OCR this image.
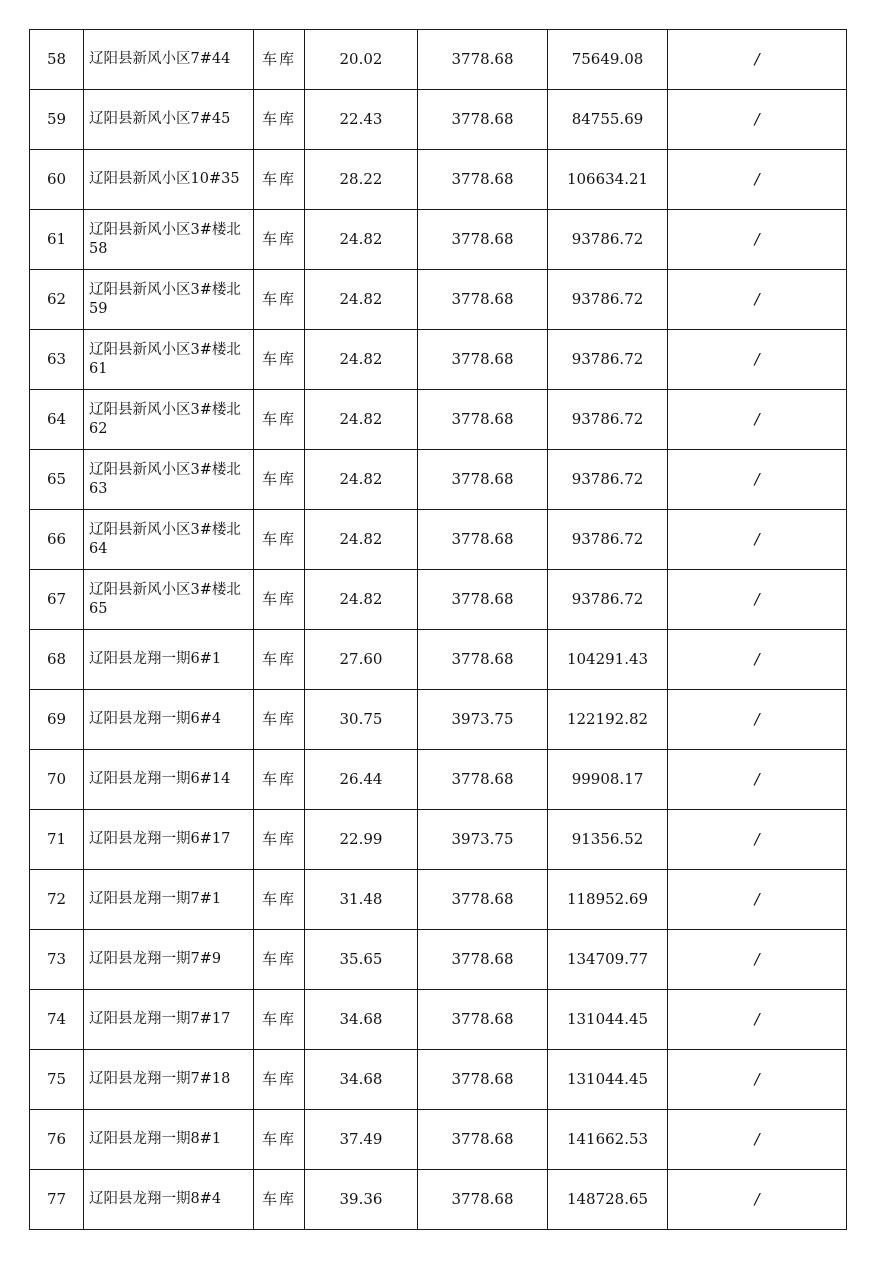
58	辽阳县新风小区7#44	车库	20.02	3778.68	75649.08	/
59	辽阳县新风小区7#45	车库	22.43	3778.68	84755.69	/
60	辽阳县新风小区10#35	车库	28.22	3778.68	106634.21	/
61	辽阳县新风小区3#楼北58	车库	24.82	3778.68	93786.72	/
62	辽阳县新风小区3#楼北59	车库	24.82	3778.68	93786.72	/
63	辽阳县新风小区3#楼北61	车库	24.82	3778.68	93786.72	/
64	辽阳县新风小区3#楼北62	车库	24.82	3778.68	93786.72	/
65	辽阳县新风小区3#楼北63	车库	24.82	3778.68	93786.72	/
66	辽阳县新风小区3#楼北64	车库	24.82	3778.68	93786.72	/
67	辽阳县新风小区3#楼北65	车库	24.82	3778.68	93786.72	/
68	辽阳县龙翔一期6#1	车库	27.60	3778.68	104291.43	/
69	辽阳县龙翔一期6#4	车库	30.75	3973.75	122192.82	/
70	辽阳县龙翔一期6#14	车库	26.44	3778.68	99908.17	/
71	辽阳县龙翔一期6#17	车库	22.99	3973.75	91356.52	/
72	辽阳县龙翔一期7#1	车库	31.48	3778.68	118952.69	/
73	辽阳县龙翔一期7#9	车库	35.65	3778.68	134709.77	/
74	辽阳县龙翔一期7#17	车库	34.68	3778.68	131044.45	/
75	辽阳县龙翔一期7#18	车库	34.68	3778.68	131044.45	/
76	辽阳县龙翔一期8#1	车库	37.49	3778.68	141662.53	/
77	辽阳县龙翔一期8#4	车库	39.36	3778.68	148728.65	/
